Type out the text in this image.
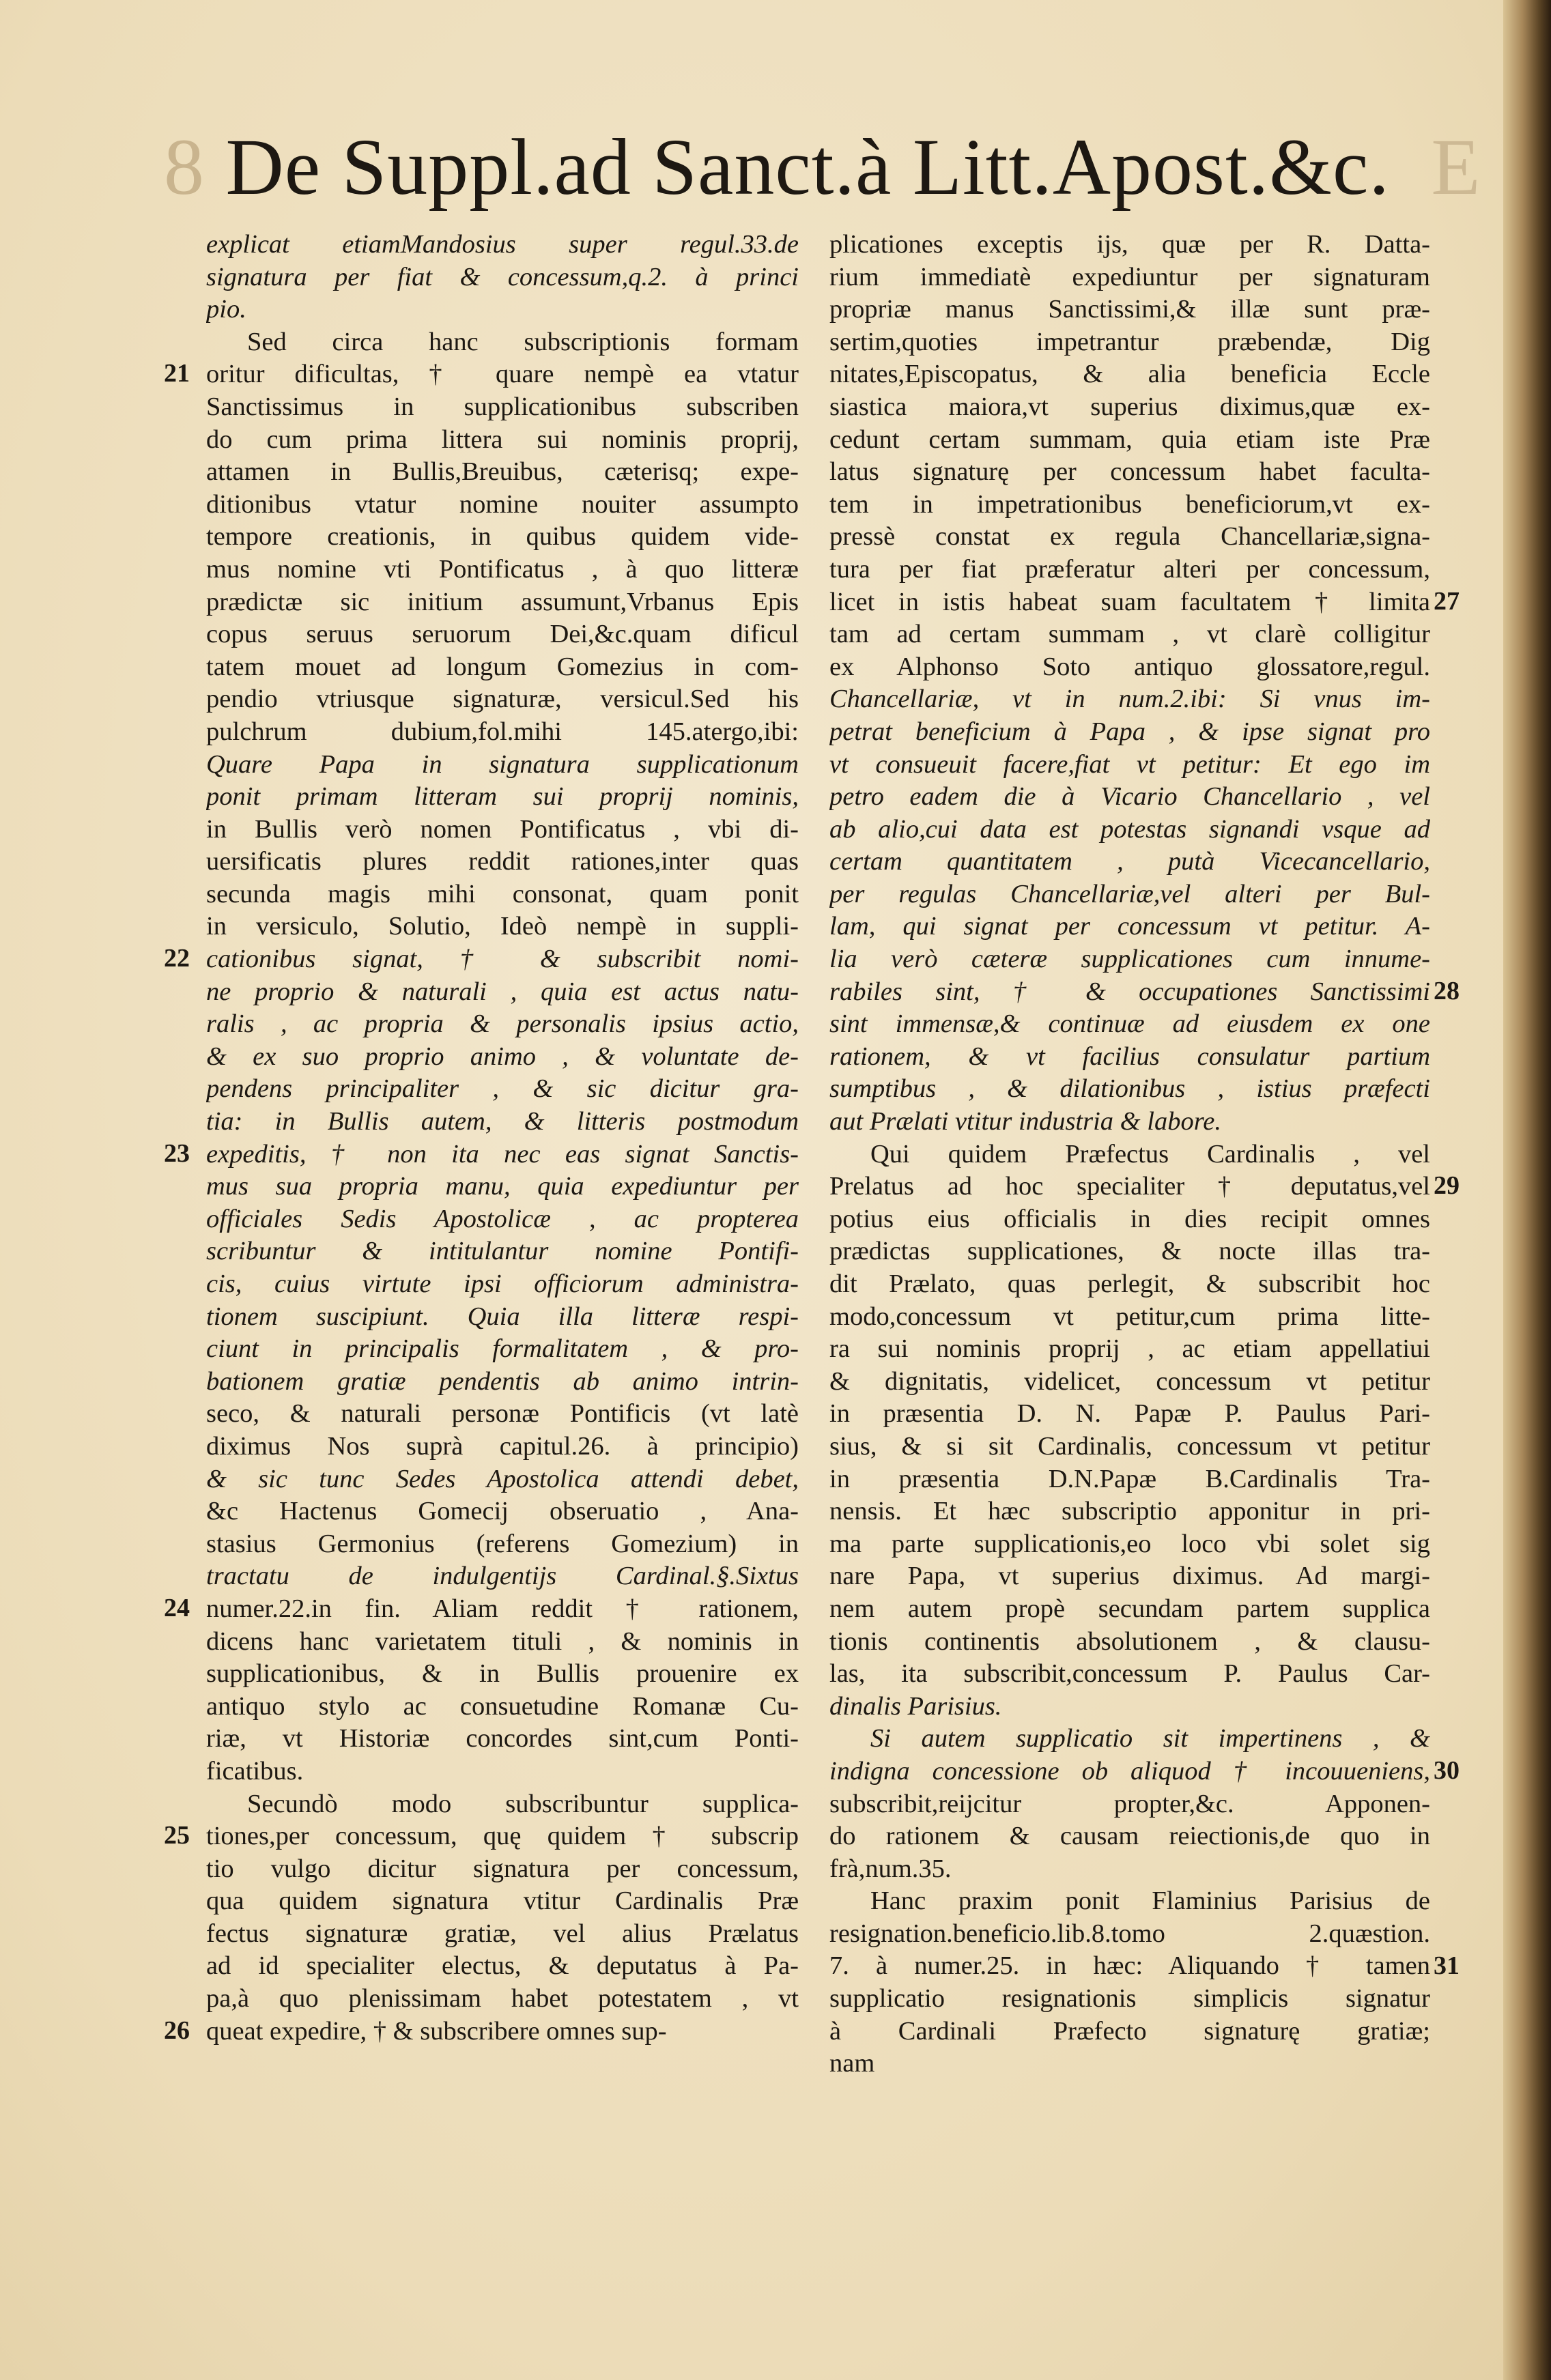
8 De Suppl.ad Sanct.à Litt.Apost.&c. E
explicat etiamMandosius super regul.33.de
signatura per fiat & concessum,q.2. à princi
pio.
Sed circa hanc subscriptionis formam
oritur dificultas, † quare nempè ea vtatur
Sanctissimus in supplicationibus subscriben
do cum prima littera sui nominis proprij,
attamen in Bullis,Breuibus, cæterisq; expe-
ditionibus vtatur nomine nouiter assumpto
tempore creationis, in quibus quidem vide-
mus nomine vti Pontificatus , à quo litteræ
prædictæ sic initium assumunt,Vrbanus Epis
copus seruus seruorum Dei,&c.quam dificul
tatem mouet ad longum Gomezius in com-
pendio vtriusque signaturæ, versicul.Sed his
pulchrum dubium,fol.mihi 145.atergo,ibi:
Quare Papa in signatura supplicationum
ponit primam litteram sui proprij nominis,
in Bullis verò nomen Pontificatus , vbi di-
uersificatis plures reddit rationes,inter quas
secunda magis mihi consonat, quam ponit
in versiculo, Solutio, Ideò nempè in suppli-
cationibus signat, † & subscribit nomi-
ne proprio & naturali , quia est actus natu-
ralis , ac propria & personalis ipsius actio,
& ex suo proprio animo , & voluntate de-
pendens principaliter , & sic dicitur gra-
tia: in Bullis autem, & litteris postmodum
expeditis, † non ita nec eas signat Sanctis-
mus sua propria manu, quia expediuntur per
officiales Sedis Apostolicæ , ac propterea
scribuntur & intitulantur nomine Pontifi-
cis, cuius virtute ipsi officiorum administra-
tionem suscipiunt. Quia illa litteræ respi-
ciunt in principalis formalitatem , & pro-
bationem gratiæ pendentis ab animo intrin-
seco, & naturali personæ Pontificis (vt latè
diximus Nos suprà capitul.26. à principio)
& sic tunc Sedes Apostolica attendi debet,
&c Hactenus Gomecij obseruatio , Ana-
stasius Germonius (referens Gomezium) in
tractatu de indulgentijs Cardinal.§.Sixtus
numer.22.in fin. Aliam reddit † rationem,
dicens hanc varietatem tituli , & nominis in
supplicationibus, & in Bullis prouenire ex
antiquo stylo ac consuetudine Romanæ Cu-
riæ, vt Historiæ concordes sint,cum Ponti-
ficatibus.
Secundò modo subscribuntur supplica-
tiones,per concessum, quę quidem † subscrip
tio vulgo dicitur signatura per concessum,
qua quidem signatura vtitur Cardinalis Præ
fectus signaturæ gratiæ, vel alius Prælatus
ad id specialiter electus, & deputatus à Pa-
pa,à quo plenissimam habet potestatem , vt
queat expedire, † & subscribere omnes sup-
plicationes exceptis ijs, quæ per R. Datta-
rium immediatè expediuntur per signaturam
propriæ manus Sanctissimi,& illæ sunt præ-
sertim,quoties impetrantur præbendæ, Dig
nitates,Episcopatus, & alia beneficia Eccle
siastica maiora,vt superius diximus,quæ ex-
cedunt certam summam, quia etiam iste Præ
latus signaturę per concessum habet faculta-
tem in impetrationibus beneficiorum,vt ex-
pressè constat ex regula Chancellariæ,signa-
tura per fiat præferatur alteri per concessum,
licet in istis habeat suam facultatem † limita
tam ad certam summam , vt clarè colligitur
ex Alphonso Soto antiquo glossatore,regul.
Chancellariæ, vt in num.2.ibi: Si vnus im-
petrat beneficium à Papa , & ipse signat pro
vt consueuit facere,fiat vt petitur: Et ego im
petro eadem die à Vicario Chancellario , vel
ab alio,cui data est potestas signandi vsque ad
certam quantitatem , putà Vicecancellario,
per regulas Chancellariæ,vel alteri per Bul-
lam, qui signat per concessum vt petitur. A-
lia verò cæteræ supplicationes cum innume-
rabiles sint, † & occupationes Sanctissimi
sint immensæ,& continuæ ad eiusdem ex one
rationem, & vt facilius consulatur partium
sumptibus , & dilationibus , istius præfecti
aut Prælati vtitur industria & labore.
Qui quidem Præfectus Cardinalis , vel
Prelatus ad hoc specialiter † deputatus,vel
potius eius officialis in dies recipit omnes
prædictas supplicationes, & nocte illas tra-
dit Prælato, quas perlegit, & subscribit hoc
modo,concessum vt petitur,cum prima litte-
ra sui nominis proprij , ac etiam appellatiui
& dignitatis, videlicet, concessum vt petitur
in præsentia D. N. Papæ P. Paulus Pari-
sius, & si sit Cardinalis, concessum vt petitur
in præsentia D.N.Papæ B.Cardinalis Tra-
nensis. Et hæc subscriptio apponitur in pri-
ma parte supplicationis,eo loco vbi solet sig
nare Papa, vt superius diximus. Ad margi-
nem autem propè secundam partem supplica
tionis continentis absolutionem , & clausu-
las, ita subscribit,concessum P. Paulus Car-
dinalis Parisius.
Si autem supplicatio sit impertinens , &
indigna concessione ob aliquod † incouueniens,
subscribit,reijcitur propter,&c. Apponen-
do rationem & causam reiectionis,de quo in
frà,num.35.
Hanc praxim ponit Flaminius Parisius de
resignation.beneficio.lib.8.tomo 2.quæstion.
7. à numer.25. in hæc: Aliquando † tamen
supplicatio resignationis simplicis signatur
à Cardinali Præfecto signaturę gratiæ;
nam
21
22
23
24
25
26
27
28
29
30
31
